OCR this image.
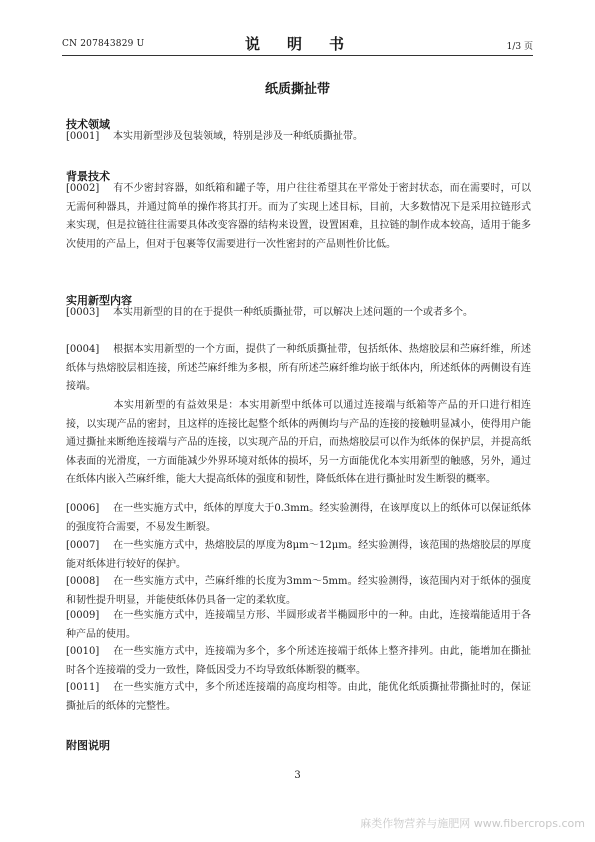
CN 207843829 U	说　明　书	1/3 页
纸质撕扯带
技术领域
[0001] 本实用新型涉及包装领域，特别是涉及一种纸质撕扯带。
背景技术
[0002] 有不少密封容器，如纸箱和罐子等，用户往往希望其在平常处于密封状态，而在需要时，可以无需何种器具，并通过简单的操作将其打开。而为了实现上述目标，目前，大多数情况下是采用拉链形式来实现，但是拉链往往需要具体改变容器的结构来设置，设置困难，且拉链的制作成本较高，适用于能多次使用的产品上，但对于包裹等仅需要进行一次性密封的产品则性价比低。
实用新型内容
[0003] 本实用新型的目的在于提供一种纸质撕扯带，可以解决上述问题的一个或者多个。
[0004] 根据本实用新型的一个方面，提供了一种纸质撕扯带，包括纸体、热熔胶层和苎麻纤维，所述纸体与热熔胶层相连接，所述苎麻纤维为多根，所有所述苎麻纤维均嵌于纸体内，所述纸体的两侧设有连接端。
本实用新型的有益效果是：本实用新型中纸体可以通过连接端与纸箱等产品的开口进行相连接，以实现产品的密封，且这样的连接比起整个纸体的两侧均与产品的连接的接触明显减小，使得用户能通过撕扯来断绝连接端与产品的连接，以实现产品的开启，而热熔胶层可以作为纸体的保护层，并提高纸体表面的光滑度，一方面能减少外界环境对纸体的损坏，另一方面能优化本实用新型的触感，另外，通过在纸体内嵌入苎麻纤维，能大大提高纸体的强度和韧性，降低纸体在进行撕扯时发生断裂的概率。
[0006] 在一些实施方式中，纸体的厚度大于0.3mm。经实验测得，在该厚度以上的纸体可以保证纸体的强度符合需要，不易发生断裂。
[0007] 在一些实施方式中，热熔胶层的厚度为8μm～12μm。经实验测得，该范围的热熔胶层的厚度能对纸体进行较好的保护。
[0008] 在一些实施方式中，苎麻纤维的长度为3mm～5mm。经实验测得，该范围内对于纸体的强度和韧性提升明显，并能使纸体仍具备一定的柔软度。
[0009] 在一些实施方式中，连接端呈方形、半圆形或者半椭圆形中的一种。由此，连接端能适用于各种产品的使用。
[0010] 在一些实施方式中，连接端为多个，多个所述连接端于纸体上整齐排列。由此，能增加在撕扯时各个连接端的受力一致性，降低因受力不均导致纸体断裂的概率。
[0011] 在一些实施方式中，多个所述连接端的高度均相等。由此，能优化纸质撕扯带撕扯时的，保证撕扯后的纸体的完整性。
附图说明
3
麻类作物营养与施肥网 www.fibercrops.com
